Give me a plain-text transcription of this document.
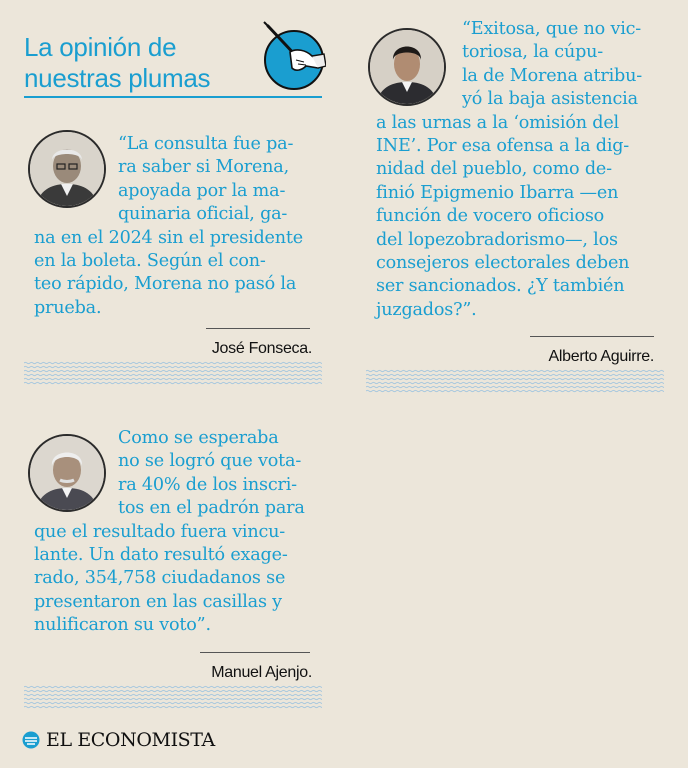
La opinión de
nuestras plumas

“La consulta fue pa-
ra saber si Morena,
apoyada por la ma-
quinaria oficial, ga-
na en el 2024 sin el presidente
en la boleta. Según el con-
teo rápido, Morena no pasó la
prueba.

José Fonseca.

“Exitosa, que no vic-
toriosa, la cúpu-
la de Morena atribu-
yó la baja asistencia
a las urnas a la ‘omisión del
INE’. Por esa ofensa a la dig-
nidad del pueblo, como de-
finió Epigmenio Ibarra —en
función de vocero oficioso
del lopezobradorismo—, los
consejeros electorales deben
ser sancionados. ¿Y también
juzgados?”.

Alberto Aguirre.

Como se esperaba
no se logró que vota-
ra 40% de los inscri-
tos en el padrón para
que el resultado fuera vincu-
lante. Un dato resultó exage-
rado, 354,758 ciudadanos se
presentaron en las casillas y
nulificaron su voto”.

Manuel Ajenjo.
EL ECONOMISTA
